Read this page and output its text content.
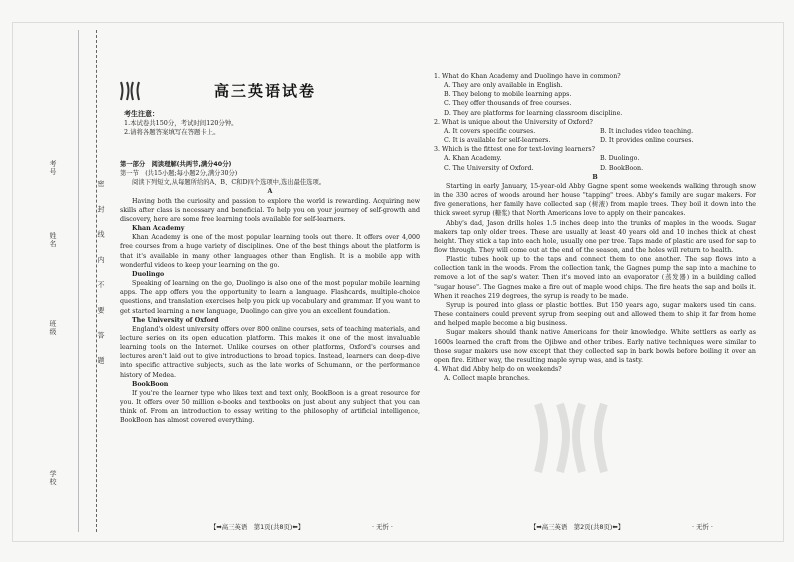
考号
姓名
班级
学校
密 封 线 内 不 要 答 题
高三英语试卷
考生注意：
1.本试卷共150分，考试时间120分钟。
2.请将各题答案填写在答题卡上。

第一部分　阅读理解(共两节,满分40分)

第一节　(共15小题;每小题2分,满分30分)

阅读下列短文,从每题所给的A、B、C和D四个选项中,选出最佳选项。

A

Having both the curiosity and passion to explore the world is rewarding. Acquiring new skills after class is necessary and beneficial. To help you on your journey of self-growth and discovery, here are some free learning tools available for self-learners.

Khan Academy

Khan Academy is one of the most popular learning tools out there. It offers over 4,000 free courses from a huge variety of disciplines. One of the best things about the platform is that it's available in many other languages other than English. It is a mobile app with wonderful videos to keep your learning on the go.

Duolingo

Speaking of learning on the go, Duolingo is also one of the most popular mobile learning apps. The app offers you the opportunity to learn a language. Flashcards, multiple-choice questions, and translation exercises help you pick up vocabulary and grammar. If you want to get started learning a new language, Duolingo can give you an excellent foundation.

The University of Oxford

England's oldest university offers over 800 online courses, sets of teaching materials, and lecture series on its open education platform. This makes it one of the most invaluable learning tools on the Internet. Unlike courses on other platforms, Oxford's courses and lectures aren't laid out to give introductions to broad topics. Instead, learners can deep-dive into specific attractive subjects, such as the late works of Schumann, or the performance history of Medea.

BookBoon

If you're the learner type who likes text and text only, BookBoon is a great resource for you. It offers over 50 million e-books and textbooks on just about any subject that you can think of. From an introduction to essay writing to the philosophy of artificial intelligence, BookBoon has almost covered everything.

1. What do Khan Academy and Duolingo have in common?

A. They are only available in English.
B. They belong to mobile learning apps.
C. They offer thousands of free courses.
D. They are platforms for learning classroom discipline.

2. What is unique about the University of Oxford?

A. It covers specific courses.	B. It includes video teaching.
C. It is available for self-learners.	D. It provides online courses.

3. Which is the fittest one for text-loving learners?

A. Khan Academy.	B. Duolingo.
C. The University of Oxford.	D. BookBoon.

B

Starting in early January, 15-year-old Abby Gagne spent some weekends walking through snow in the 330 acres of woods around her house "tapping" trees. Abby's family are sugar makers. For five generations, her family have collected sap (树液) from maple trees. They boil it down into the thick sweet syrup (糖浆) that North Americans love to apply on their pancakes.

Abby's dad, Jason drills holes 1.5 inches deep into the trunks of maples in the woods. Sugar makers tap only older trees. These are usually at least 40 years old and 10 inches thick at chest height. They stick a tap into each hole, usually one per tree. Taps made of plastic are used for sap to flow through. They will come out at the end of the season, and the holes will return to health.

Plastic tubes hook up to the taps and connect them to one another. The sap flows into a collection tank in the woods. From the collection tank, the Gagnes pump the sap into a machine to remove a lot of the sap's water. Then it's moved into an evaporator (蒸发器) in a building called "sugar house". The Gagnes make a fire out of maple wood chips. The fire heats the sap and boils it. When it reaches 219 degrees, the syrup is ready to be made.

Syrup is poured into glass or plastic bottles. But 150 years ago, sugar makers used tin cans. These containers could prevent syrup from seeping out and allowed them to ship it far from home and helped maple become a big business.

Sugar makers should thank native Americans for their knowledge. White settlers as early as 1600s learned the craft from the Ojibwe and other tribes. Early native techniques were similar to those sugar makers use now except that they collected sap in bark bowls before boiling it over an open fire. Either way, the resulting maple syrup was, and is tasty.

4. What did Abby help do on weekends?

A. Collect maple branches.
【➡高三英语　第1页(共8页)⬅】	· 无忻 ·	【➡高三英语　第2页(共8页)⬅】	· 无忻 ·
